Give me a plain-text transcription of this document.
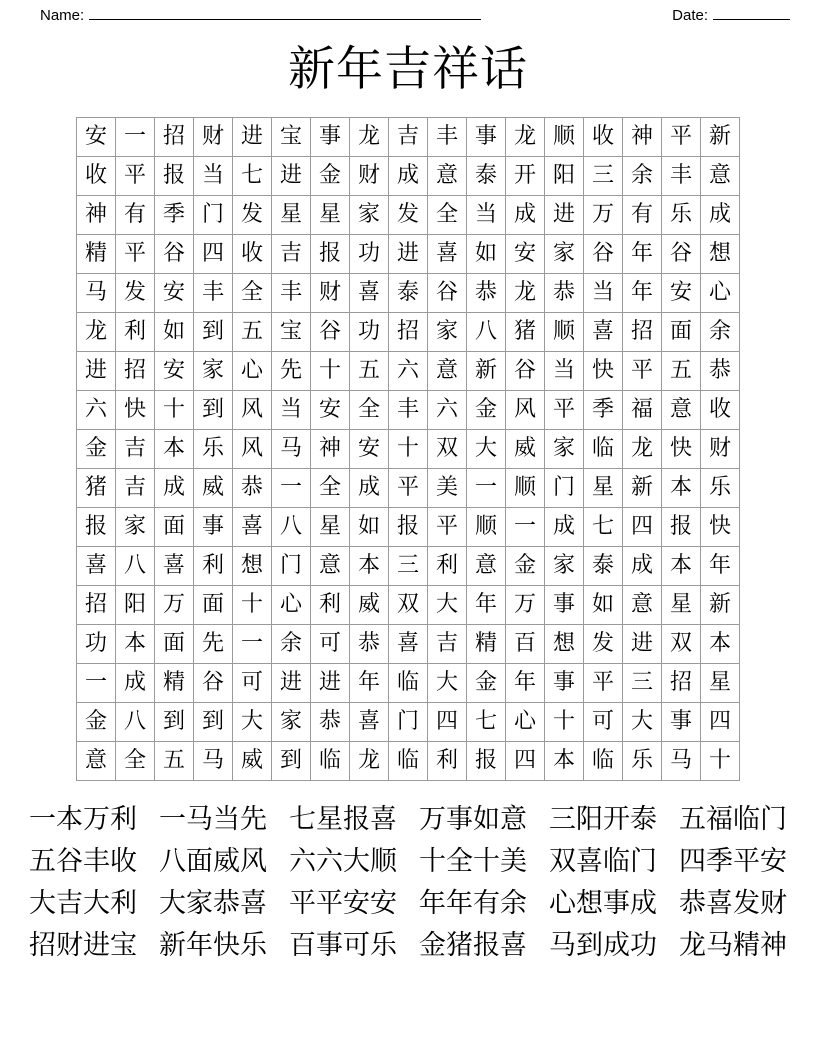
Name:	Date:
新年吉祥话
安	一	招	财	进	宝	事	龙	吉	丰	事	龙	顺	收	神	平	新
收	平	报	当	七	进	金	财	成	意	泰	开	阳	三	余	丰	意
神	有	季	门	发	星	星	家	发	全	当	成	进	万	有	乐	成
精	平	谷	四	收	吉	报	功	进	喜	如	安	家	谷	年	谷	想
马	发	安	丰	全	丰	财	喜	泰	谷	恭	龙	恭	当	年	安	心
龙	利	如	到	五	宝	谷	功	招	家	八	猪	顺	喜	招	面	余
进	招	安	家	心	先	十	五	六	意	新	谷	当	快	平	五	恭
六	快	十	到	风	当	安	全	丰	六	金	风	平	季	福	意	收
金	吉	本	乐	风	马	神	安	十	双	大	威	家	临	龙	快	财
猪	吉	成	威	恭	一	全	成	平	美	一	顺	门	星	新	本	乐
报	家	面	事	喜	八	星	如	报	平	顺	一	成	七	四	报	快
喜	八	喜	利	想	门	意	本	三	利	意	金	家	泰	成	本	年
招	阳	万	面	十	心	利	威	双	大	年	万	事	如	意	星	新
功	本	面	先	一	余	可	恭	喜	吉	精	百	想	发	进	双	本
一	成	精	谷	可	进	进	年	临	大	金	年	事	平	三	招	星
金	八	到	到	大	家	恭	喜	门	四	七	心	十	可	大	事	四
意	全	五	马	威	到	临	龙	临	利	报	四	本	临	乐	马	十
一本万利 一马当先 七星报喜 万事如意 三阳开泰 五福临门
五谷丰收 八面威风 六六大顺 十全十美 双喜临门 四季平安
大吉大利 大家恭喜 平平安安 年年有余 心想事成 恭喜发财
招财进宝 新年快乐 百事可乐 金猪报喜 马到成功 龙马精神
